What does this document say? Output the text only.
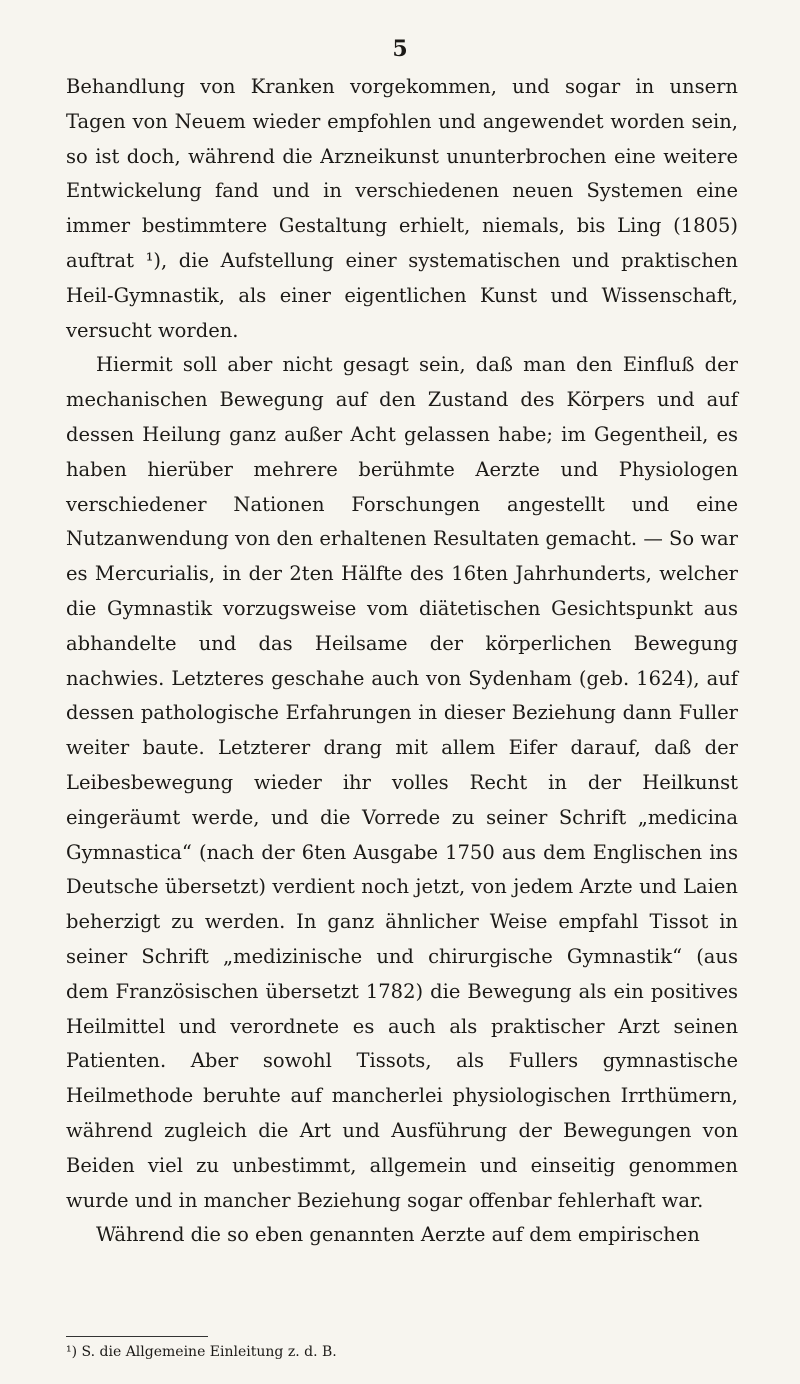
5

Behandlung von Kranken vorgekommen, und sogar in unsern Tagen von Neuem wieder empfohlen und angewendet worden sein, so ist doch, während die Arzneikunst ununterbrochen eine weitere Entwickelung fand und in verschiedenen neuen Systemen eine immer bestimmtere Gestaltung erhielt, niemals, bis Ling (1805) auftrat ¹), die Aufstellung einer systematischen und praktischen Heil-Gymnastik, als einer eigentlichen Kunst und Wissenschaft, versucht worden.

Hiermit soll aber nicht gesagt sein, daß man den Einfluß der mechanischen Bewegung auf den Zustand des Körpers und auf dessen Heilung ganz außer Acht gelassen habe; im Gegentheil, es haben hierüber mehrere berühmte Aerzte und Physiologen verschiedener Nationen Forschungen angestellt und eine Nutzanwendung von den erhaltenen Resultaten gemacht. — So war es Mercurialis, in der 2ten Hälfte des 16ten Jahrhunderts, welcher die Gymnastik vorzugsweise vom diätetischen Gesichtspunkt aus abhandelte und das Heilsame der körperlichen Bewegung nachwies. Letzteres geschahe auch von Sydenham (geb. 1624), auf dessen pathologische Erfahrungen in dieser Beziehung dann Fuller weiter baute. Letzterer drang mit allem Eifer darauf, daß der Leibesbewegung wieder ihr volles Recht in der Heilkunst eingeräumt werde, und die Vorrede zu seiner Schrift „medicina Gymnastica“ (nach der 6ten Ausgabe 1750 aus dem Englischen ins Deutsche übersetzt) verdient noch jetzt, von jedem Arzte und Laien beherzigt zu werden. In ganz ähnlicher Weise empfahl Tissot in seiner Schrift „medizinische und chirurgische Gymnastik“ (aus dem Französischen übersetzt 1782) die Bewegung als ein positives Heilmittel und verordnete es auch als praktischer Arzt seinen Patienten. Aber sowohl Tissots, als Fullers gymnastische Heilmethode beruhte auf mancherlei physiologischen Irrthümern, während zugleich die Art und Ausführung der Bewegungen von Beiden viel zu unbestimmt, allgemein und einseitig genommen wurde und in mancher Beziehung sogar offenbar fehlerhaft war.

Während die so eben genannten Aerzte auf dem empirischen

¹) S. die Allgemeine Einleitung z. d. B.
